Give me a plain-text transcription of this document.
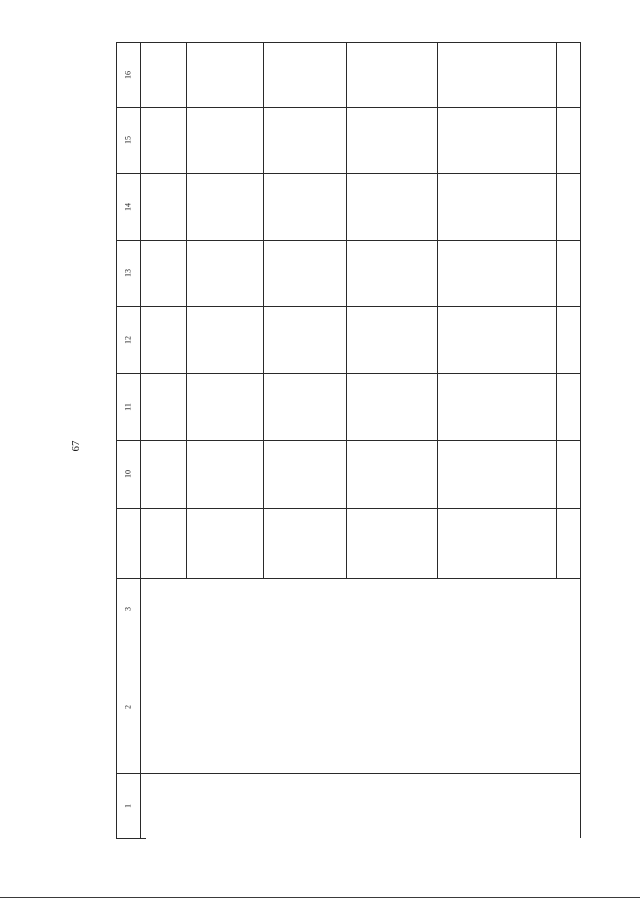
67
1
2
3
10
11
12
13
14
15
16
